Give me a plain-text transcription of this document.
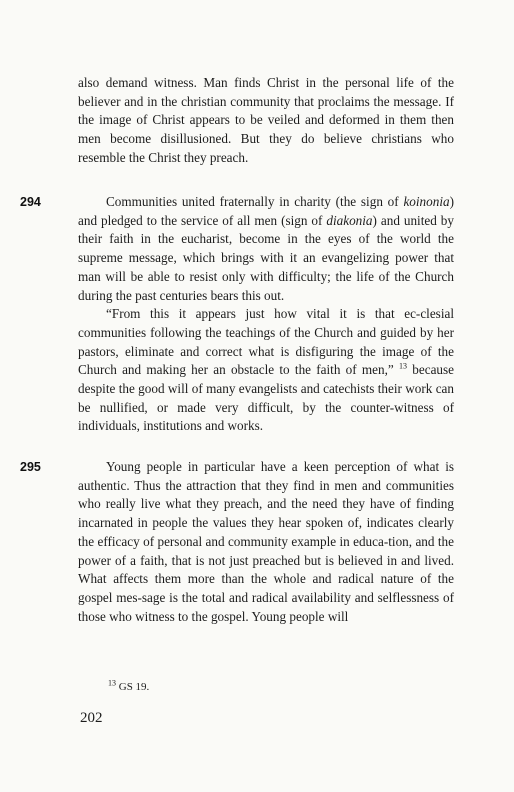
also demand witness. Man finds Christ in the personal life of the believer and in the christian community that proclaims the message. If the image of Christ appears to be veiled and deformed in them then men become disillusioned. But they do believe christians who resemble the Christ they preach.

294	Communities united fraternally in charity (the sign of koinonia) and pledged to the service of all men (sign of diakonia) and united by their faith in the eucharist, become in the eyes of the world the supreme message, which brings with it an evangelizing power that man will be able to resist only with difficulty; the life of the Church during the past centuries bears this out.

“From this it appears just how vital it is that ec-clesial communities following the teachings of the Church and guided by her pastors, eliminate and correct what is disfiguring the image of the Church and making her an obstacle to the faith of men,” $^{13}$ because despite the good will of many evangelists and catechists their work can be nullified, or made very difficult, by the counter-witness of individuals, institutions and works.

295	Young people in particular have a keen perception of what is authentic. Thus the attraction that they find in men and communities who really live what they preach, and the need they have of finding incarnated in people the values they hear spoken of, indicates clearly the efficacy of personal and community example in educa-tion, and the power of a faith, that is not just preached but is believed in and lived. What affects them more than the whole and radical nature of the gospel mes-sage is the total and radical availability and selflessness of those who witness to the gospel. Young people will

$^{13}$ GS 19.
202
